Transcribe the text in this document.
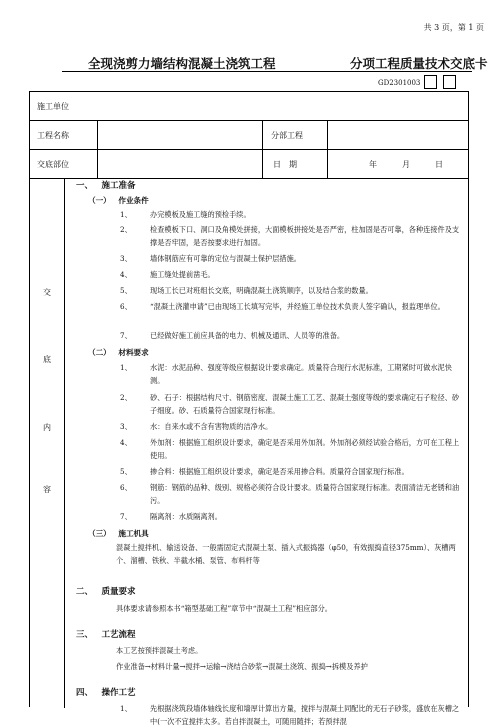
共 3 页，第 1 页
全现浇剪力墙结构混凝土浇筑工程	分项工程质量技术交底卡
GD2301003
施工单位
工程名称	分部工程
交底部位	日　期	年	月	日
交
底
内
容
一、  施工准备
（一）  作业条件
1、	办完模板及施工缝的预检手续。
2、	检查模板下口、洞口及角模处拼接，大面模板拼接处是否严密，柱加固是否可靠，各种连接件及支撑是否牢固，是否按要求进行加固。
3、	墙体钢筋应有可靠的定位与混凝土保护层措施。
4、	施工缝处提前凿毛。
5、	现场工长已对班组长交底，明确混凝土浇筑顺序，以及结合浆的数量。
6、	“混凝土浇灌申请”已由现场工长填写完毕，并经施工单位技术负责人签字确认，报监理单位。
7、	已经做好施工前应具备的电力、机械及通讯、人员等的准备。
（二）  材料要求
1、	水泥：水泥品种、强度等级应根据设计要求确定。质量符合现行水泥标准，工期紧时可做水泥快测。
2、	砂、石子：根据结构尺寸、钢筋密度、混凝土施工工艺、混凝土强度等级的要求确定石子粒径、砂子细度。砂、石质量符合国家现行标准。
3、	水：自来水或不含有害物质的洁净水。
4、	外加剂：根据施工组织设计要求，确定是否采用外加剂。外加剂必须经试验合格后，方可在工程上使用。
5、	掺合料：根据施工组织设计要求，确定是否采用掺合料。质量符合国家现行标准。
6、	钢筋：钢筋的品种、级别、规格必须符合设计要求。质量符合国家现行标准。表面清洁无老锈和油污。
7、	隔离剂：水质隔离剂。
（三）  施工机具
混凝土搅拌机、输送设备、一般需固定式混凝土泵、插入式振捣器（φ50，有效振捣直径375mm）、灰槽两个、溜槽、铁秋、半截水桶、泵管、布料杆等
二、  质量要求
具体要求请参照本书“箱型基础工程”章节中“混凝土工程”相应部分。
三、  工艺流程
本工艺按预拌混凝土考虑。
作业准备→材料计量→搅拌→运输→浇结合砂浆→混凝土浇筑、振捣→拆模及养护
四、  操作工艺
1、	先根据浇筑段墙体轴线长度和墙厚计算出方量，搅拌与混凝土同配比的无石子砂浆，盛放在灰槽之中(一次不宜搅拌太多。若自拌混凝土，可随用随拌；若预拌混
